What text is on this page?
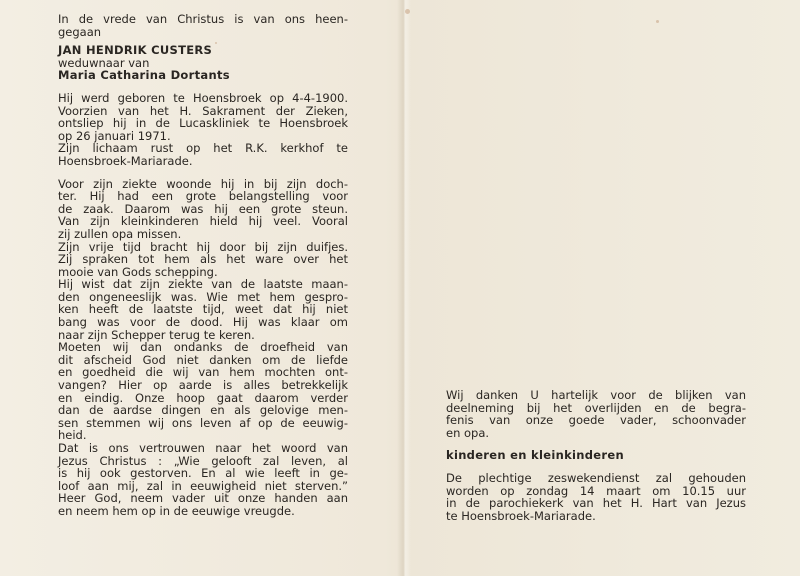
In de vrede van Christus is van ons heen-
gegaan
JAN HENDRIK CUSTERS
weduwnaar van
Maria Catharina Dortants
Hij werd geboren te Hoensbroek op 4-4-1900.
Voorzien van het H. Sakrament der Zieken,
ontsliep hij in de Lucaskliniek te Hoensbroek
op 26 januari 1971.
Zijn lichaam rust op het R.K. kerkhof te
Hoensbroek-Mariarade.
Voor zijn ziekte woonde hij in bij zijn doch-
ter. Hij had een grote belangstelling voor
de zaak. Daarom was hij een grote steun.
Van zijn kleinkinderen hield hij veel. Vooral
zij zullen opa missen.
Zijn vrije tijd bracht hij door bij zijn duifjes.
Zij spraken tot hem als het ware over het
mooie van Gods schepping.
Hij wist dat zijn ziekte van de laatste maan-
den ongeneeslijk was. Wie met hem gespro-
ken heeft de laatste tijd, weet dat hij niet
bang was voor de dood. Hij was klaar om
naar zijn Schepper terug te keren.
Moeten wij dan ondanks de droefheid van
dit afscheid God niet danken om de liefde
en goedheid die wij van hem mochten ont-
vangen? Hier op aarde is alles betrekkelijk
en eindig. Onze hoop gaat daarom verder
dan de aardse dingen en als gelovige men-
sen stemmen wij ons leven af op de eeuwig-
heid.
Dat is ons vertrouwen naar het woord van
Jezus Christus : „Wie gelooft zal leven, al
is hij ook gestorven. En al wie leeft in ge-
loof aan mij, zal in eeuwigheid niet sterven.”
Heer God, neem vader uit onze handen aan
en neem hem op in de eeuwige vreugde.
Wij danken U hartelijk voor de blijken van
deelneming bij het overlijden en de begra-
fenis van onze goede vader, schoonvader
en opa.
kinderen en kleinkinderen
De plechtige zeswekendienst zal gehouden
worden op zondag 14 maart om 10.15 uur
in de parochiekerk van het H. Hart van Jezus
te Hoensbroek-Mariarade.
